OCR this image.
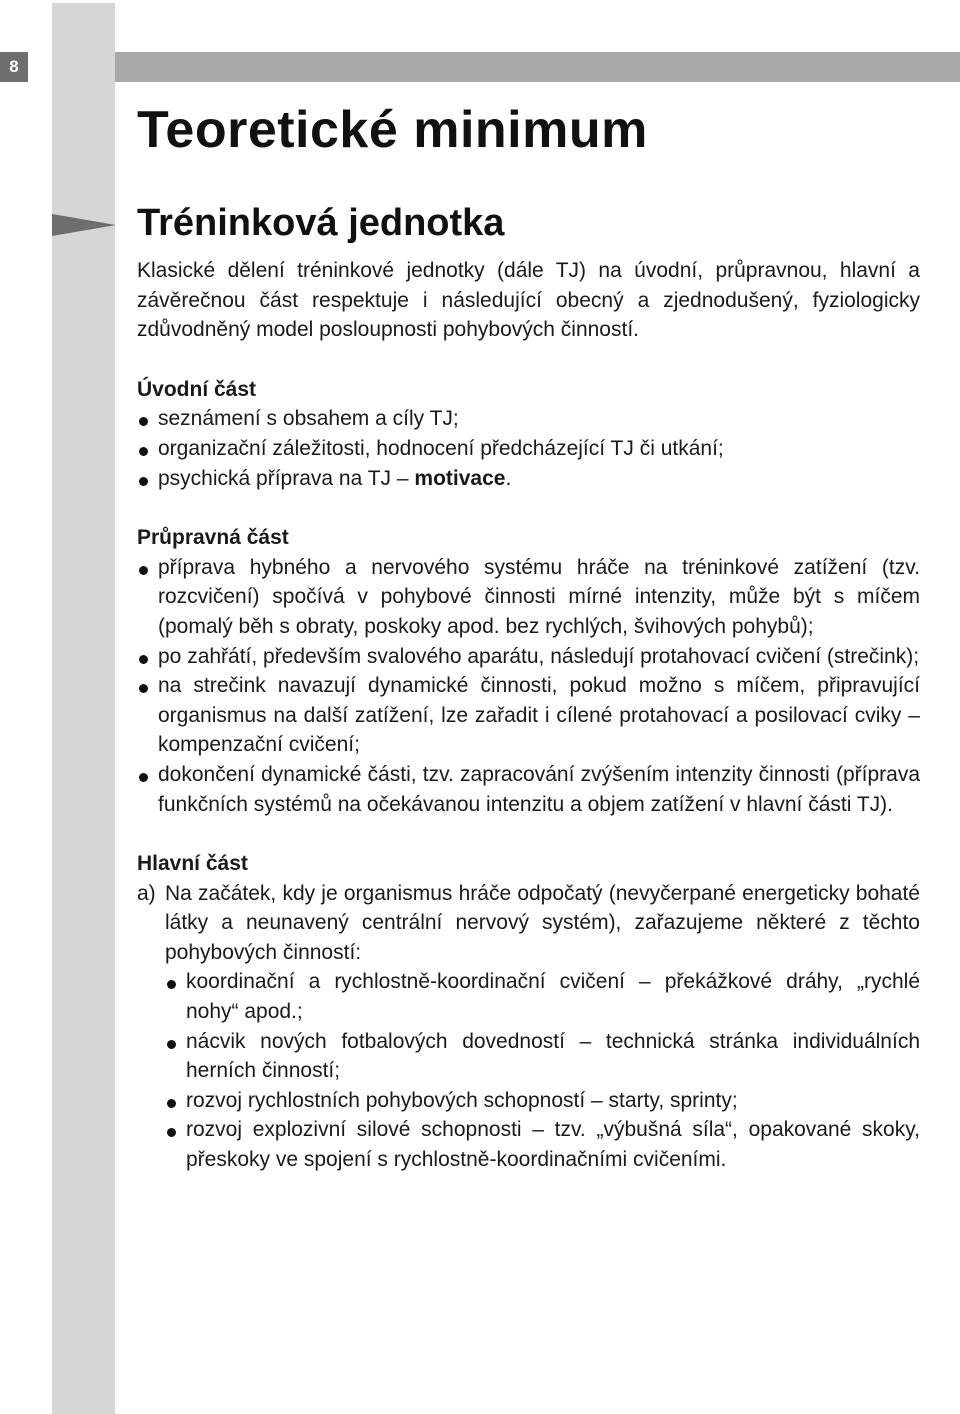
8
Teoretické minimum
Tréninková jednotka

Klasické dělení tréninkové jednotky (dále TJ) na úvodní, průpravnou, hlavní a závěrečnou část respektuje i následující obecný a zjednodušený, fyziologicky zdůvodněný model posloupnosti pohybových činností.

Úvodní část

seznámení s obsahem a cíly TJ;
organizační záležitosti, hodnocení předcházející TJ či utkání;
psychická příprava na TJ – motivace.

Průpravná část

příprava hybného a nervového systému hráče na tréninkové zatížení (tzv. rozcvičení) spočívá v pohybové činnosti mírné intenzity, může být s míčem (pomalý běh s obraty, poskoky apod. bez rychlých, švihových pohybů);
po zahřátí, především svalového aparátu, následují protahovací cvičení (strečink);
na strečink navazují dynamické činnosti, pokud možno s míčem, připravující organismus na další zatížení, lze zařadit i cílené protahovací a posilovací cviky – kompenzační cvičení;
dokončení dynamické části, tzv. zapracování zvýšením intenzity činnosti (příprava funkčních systémů na očekávanou intenzitu a objem zatížení v hlavní části TJ).

Hlavní část

a) Na začátek, kdy je organismus hráče odpočatý (nevyčerpané energeticky bohaté látky a neunavený centrální nervový systém), zařazujeme některé z těchto pohybových činností:

koordinační a rychlostně-koordinační cvičení – překážkové dráhy, „rychlé nohy“ apod.;
nácvik nových fotbalových dovedností – technická stránka individuálních herních činností;
rozvoj rychlostních pohybových schopností – starty, sprinty;
rozvoj explozivní silové schopnosti – tzv. „výbušná síla“, opakované skoky, přeskoky ve spojení s rychlostně-koordinačními cvičeními.
